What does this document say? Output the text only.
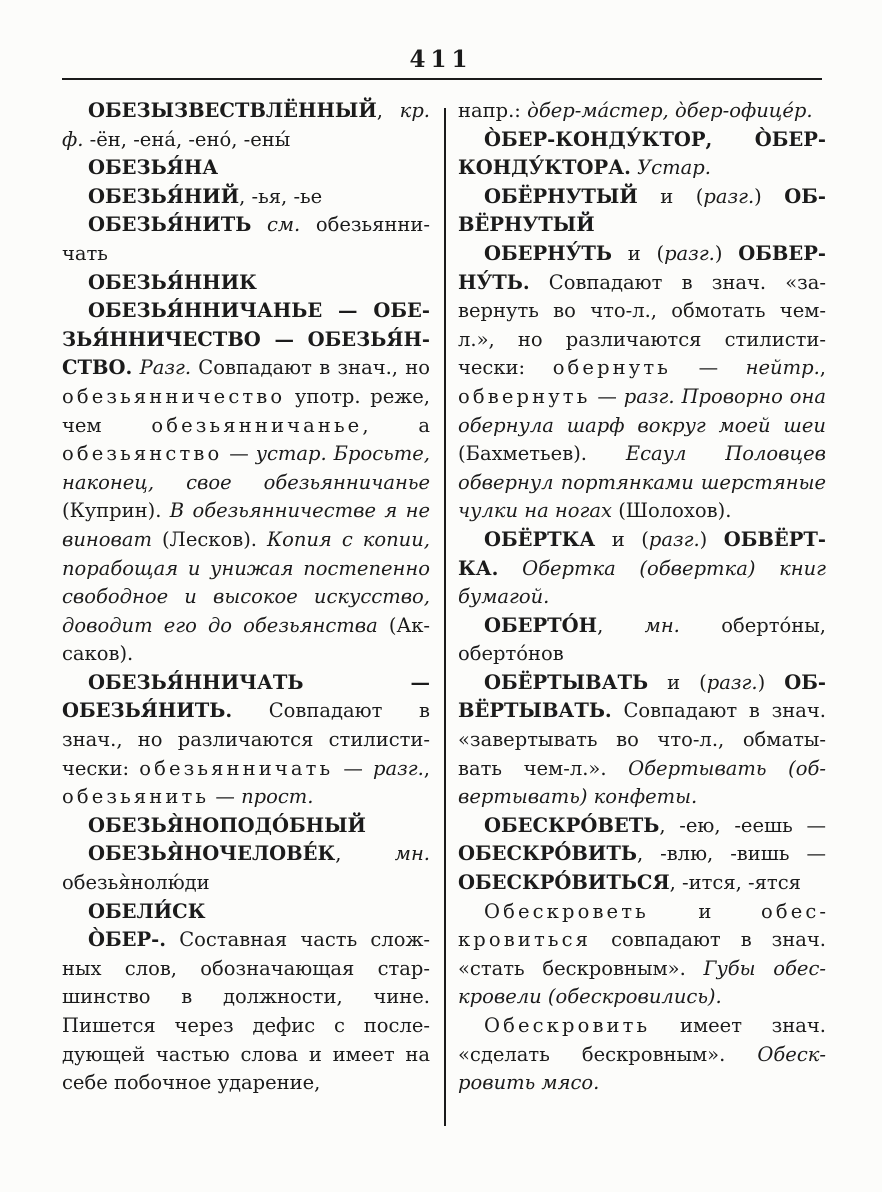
411

ОБЕЗЫЗВЕСТВЛЁННЫЙ, кр. ф. -ён, -ена́, -ено́, -ены́

ОБЕЗЬЯ́НА

ОБЕЗЬЯ́НИЙ, -ья, -ье

ОБЕЗЬЯ́НИТЬ см. обезьянничать

ОБЕЗЬЯ́ННИК

ОБЕЗЬЯ́ННИЧАНЬЕ — ОБЕЗЬЯ́ННИЧЕСТВО — ОБЕЗЬЯ́НСТВО. Разг. Совпадают в знач., но обезьянничество употр. реже, чем обезьянничанье, а обезьянство — устар. Бросьте, наконец, свое обезьянничанье (Куприн). В обезьянничестве я не виноват (Лесков). Копия с копии, порабощая и унижая постепенно свободное и высокое искусство, доводит его до обезьянства (Аксаков).

ОБЕЗЬЯ́ННИЧАТЬ — ОБЕЗЬЯ́НИТЬ. Совпадают в знач., но различаются стилистически: обезьянничать — разг., обезьянить — прост.

ОБЕЗЬЯ̀НОПОДО́БНЫЙ

ОБЕЗЬЯ̀НОЧЕЛОВЕ́К, мн. обезья̀нолю́ди

ОБЕЛИ́СК

О̀БЕР-. Составная часть сложных слов, обозначающая старшинство в должности, чине. Пишется через дефис с последующей частью слова и имеет на себе побочное ударение,

напр.: о̀бер-ма́стер, о̀бер-офице́р.

О̀БЕР-КОНДУ́КТОР, О̀БЕР-КОНДУ́КТОРА. Устар.

ОБЁРНУТЫЙ и (разг.) ОБВЁРНУТЫЙ

ОБЕРНУ́ТЬ и (разг.) ОБВЕРНУ́ТЬ. Совпадают в знач. «завернуть во что-л., обмотать чем-л.», но различаются стилистически: обернуть — нейтр., обвернуть — разг. Проворно она обернула шарф вокруг моей шеи (Бахметьев). Есаул Половцев обвернул портянками шерстяные чулки на ногах (Шолохов).

ОБЁРТКА и (разг.) ОБВЁРТКА. Обертка (обвертка) книг бумагой.

ОБЕРТО́Н, мн. оберто́ны, оберто́нов

ОБЁРТЫВАТЬ и (разг.) ОБВЁРТЫВАТЬ. Совпадают в знач. «завертывать во что-л., обматывать чем-л.». Обертывать (обвертывать) конфеты.

ОБЕСКРО́ВЕТЬ, -ею, -еешь — ОБЕСКРО́ВИТЬ, -влю, -вишь — ОБЕСКРО́ВИТЬСЯ, -ится, -ятся

Обескроветь и обескровиться совпадают в знач. «стать бескровным». Губы обескровели (обескровились).

Обескровить имеет знач. «сделать бескровным». Обескровить мясо.
